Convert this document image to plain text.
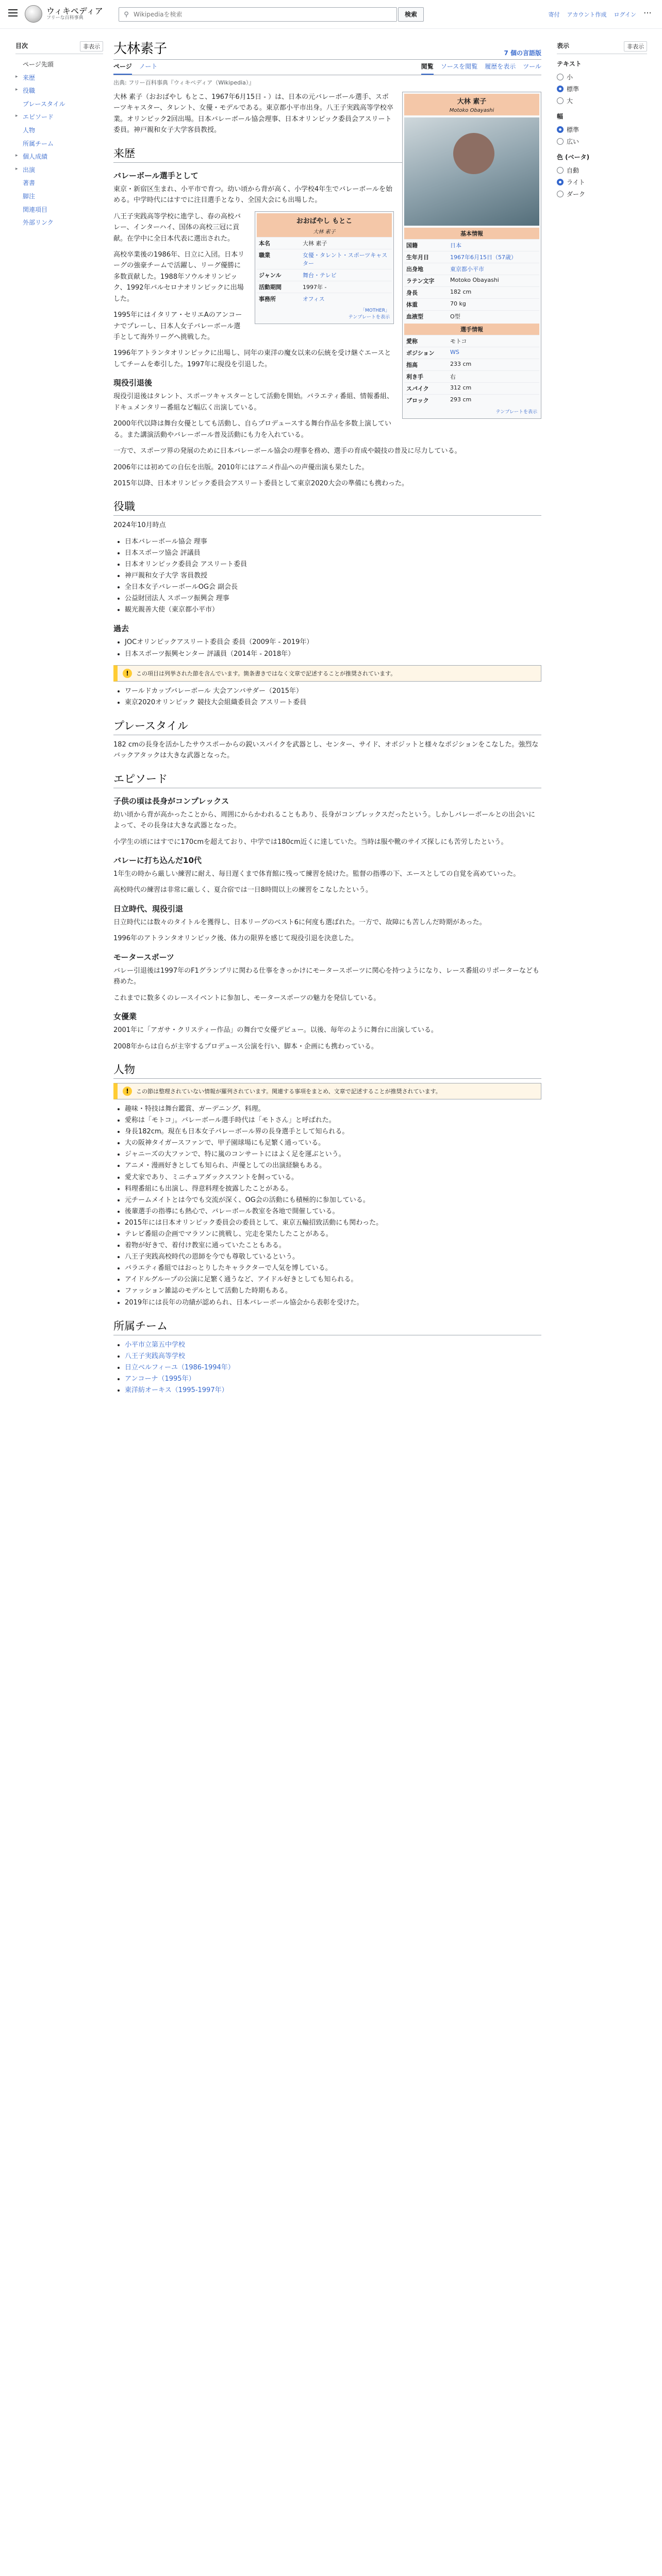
ウィキペディア
フリーな百科事典	⚲
Wikipediaを検索	検索	寄付 アカウント作成 ログイン ⋯
目次	非表示
ページ先頭
▸ 来歴
▸ 役職
プレースタイル
▸ エピソード
人物
所属チーム
▸ 個人成績
▸ 出演
著書
脚注
関連項目
外部リンク
大林素子	7 個の言語版
ページ ノート	閲覧 ソースを閲覧 履歴を表示 ツール
出典: フリー百科事典『ウィキペディア（Wikipedia）』
大林 素子
Motoko Obayashi
基本情報
国籍	日本
生年月日	1967年6月15日（57歳）
出身地	東京都小平市
ラテン文字	Motoko Obayashi
身長	182 cm
体重	70 kg
血液型	O型
選手情報
愛称	モトコ
ポジション	WS
指高	233 cm
利き手	右
スパイク	312 cm
ブロック	293 cm
テンプレートを表示

大林 素子（おおばやし もとこ、1967年6月15日 - ）は、日本の元バレーボール選手、スポーツキャスター、タレント、女優・モデルである。東京都小平市出身。八王子実践高等学校卒業。オリンピック2回出場。日本バレーボール協会理事、日本オリンピック委員会アスリート委員。神戸親和女子大学客員教授。

来歴
バレーボール選手として

東京・新宿区生まれ、小平市で育つ。幼い頃から背が高く、小学校4年生でバレーボールを始める。中学時代にはすでに注目選手となり、全国大会にも出場した。

おおばやし もとこ
大林 素子
本名	大林 素子
職業	女優・タレント・スポーツキャスター
ジャンル	舞台・テレビ
活動期間	1997年 -
事務所	オフィス
「MOTHER」
テンプレートを表示

八王子実践高等学校に進学し、春の高校バレー、インターハイ、国体の高校三冠に貢献。在学中に全日本代表に選出された。

高校卒業後の1986年、日立に入団。日本リーグの強豪チームで活躍し、リーグ優勝に多数貢献した。1988年ソウルオリンピック、1992年バルセロナオリンピックに出場した。

1995年にはイタリア・セリエAのアンコーナでプレーし、日本人女子バレーボール選手として海外リーグへ挑戦した。

1996年アトランタオリンピックに出場し、同年の東洋の魔女以来の伝統を受け継ぐエースとしてチームを牽引した。1997年に現役を引退した。

現役引退後

現役引退後はタレント、スポーツキャスターとして活動を開始。バラエティ番組、情報番組、ドキュメンタリー番組など幅広く出演している。

2000年代以降は舞台女優としても活動し、自らプロデュースする舞台作品を多数上演している。また講演活動やバレーボール普及活動にも力を入れている。

一方で、スポーツ界の発展のために日本バレーボール協会の理事を務め、選手の育成や競技の普及に尽力している。

2006年には初めての自伝を出版。2010年にはアニメ作品への声優出演も果たした。

2015年以降、日本オリンピック委員会アスリート委員として東京2020大会の準備にも携わった。

役職

2024年10月時点

• 日本バレーボール協会 理事
• 日本スポーツ協会 評議員
• 日本オリンピック委員会 アスリート委員
• 神戸親和女子大学 客員教授
• 全日本女子バレーボールOG会 副会長
• 公益財団法人 スポーツ振興会 理事
• 観光親善大使（東京都小平市）
過去
• JOCオリンピックアスリート委員会 委員（2009年 - 2019年）
• 日本スポーツ振興センター 評議員（2014年 - 2018年）
!	この項目は列挙された節を含んでいます。箇条書きではなく文章で記述することが推奨されています。
• ワールドカップバレーボール 大会アンバサダー（2015年）
• 東京2020オリンピック 競技大会組織委員会 アスリート委員
プレースタイル

182 cmの長身を活かしたサウスポーからの鋭いスパイクを武器とし、センター、サイド、オポジットと様々なポジションをこなした。強烈なバックアタックは大きな武器となった。

エピソード
子供の頃は長身がコンプレックス

幼い頃から背が高かったことから、周囲にからかわれることもあり、長身がコンプレックスだったという。しかしバレーボールとの出会いによって、その長身は大きな武器となった。

小学生の頃にはすでに170cmを超えており、中学では180cm近くに達していた。当時は服や靴のサイズ探しにも苦労したという。

バレーに打ち込んだ10代

1年生の時から厳しい練習に耐え、毎日遅くまで体育館に残って練習を続けた。監督の指導の下、エースとしての自覚を高めていった。

高校時代の練習は非常に厳しく、夏合宿では一日8時間以上の練習をこなしたという。

日立時代、現役引退

日立時代には数々のタイトルを獲得し、日本リーグのベスト6に何度も選ばれた。一方で、故障にも苦しんだ時期があった。

1996年のアトランタオリンピック後、体力の限界を感じて現役引退を決意した。

モータースポーツ

バレー引退後は1997年のF1グランプリに関わる仕事をきっかけにモータースポーツに関心を持つようになり、レース番組のリポーターなども務めた。

これまでに数多くのレースイベントに参加し、モータースポーツの魅力を発信している。

女優業

2001年に「アガサ・クリスティー作品」の舞台で女優デビュー。以後、毎年のように舞台に出演している。

2008年からは自らが主宰するプロデュース公演を行い、脚本・企画にも携わっている。

人物
!	この節は整理されていない情報が羅列されています。関連する事項をまとめ、文章で記述することが推奨されています。
• 趣味・特技は舞台鑑賞、ガーデニング、料理。
• 愛称は「モトコ」。バレーボール選手時代は「モトさん」と呼ばれた。
• 身長182cm。現在も日本女子バレーボール界の長身選手として知られる。
• 大の阪神タイガースファンで、甲子園球場にも足繁く通っている。
• ジャニーズの大ファンで、特に嵐のコンサートにはよく足を運ぶという。
• アニメ・漫画好きとしても知られ、声優としての出演経験もある。
• 愛犬家であり、ミニチュアダックスフントを飼っている。
• 料理番組にも出演し、得意料理を披露したことがある。
• 元チームメイトとは今でも交流が深く、OG会の活動にも積極的に参加している。
• 後輩選手の指導にも熱心で、バレーボール教室を各地で開催している。
• 2015年には日本オリンピック委員会の委員として、東京五輪招致活動にも関わった。
• テレビ番組の企画でマラソンに挑戦し、完走を果たしたことがある。
• 着物が好きで、着付け教室に通っていたこともある。
• 八王子実践高校時代の恩師を今でも尊敬しているという。
• バラエティ番組ではおっとりしたキャラクターで人気を博している。
• アイドルグループの公演に足繁く通うなど、アイドル好きとしても知られる。
• ファッション雑誌のモデルとして活動した時期もある。
• 2019年には長年の功績が認められ、日本バレーボール協会から表彰を受けた。
所属チーム
• 小平市立第五中学校
• 八王子実践高等学校
• 日立ベルフィーユ（1986-1994年）
• アンコーナ（1995年）
• 東洋紡オーキス（1995-1997年）
表示	非表示
テキスト
小
標準
大
幅
標準
広い
色 (ベータ)
自動
ライト
ダーク
